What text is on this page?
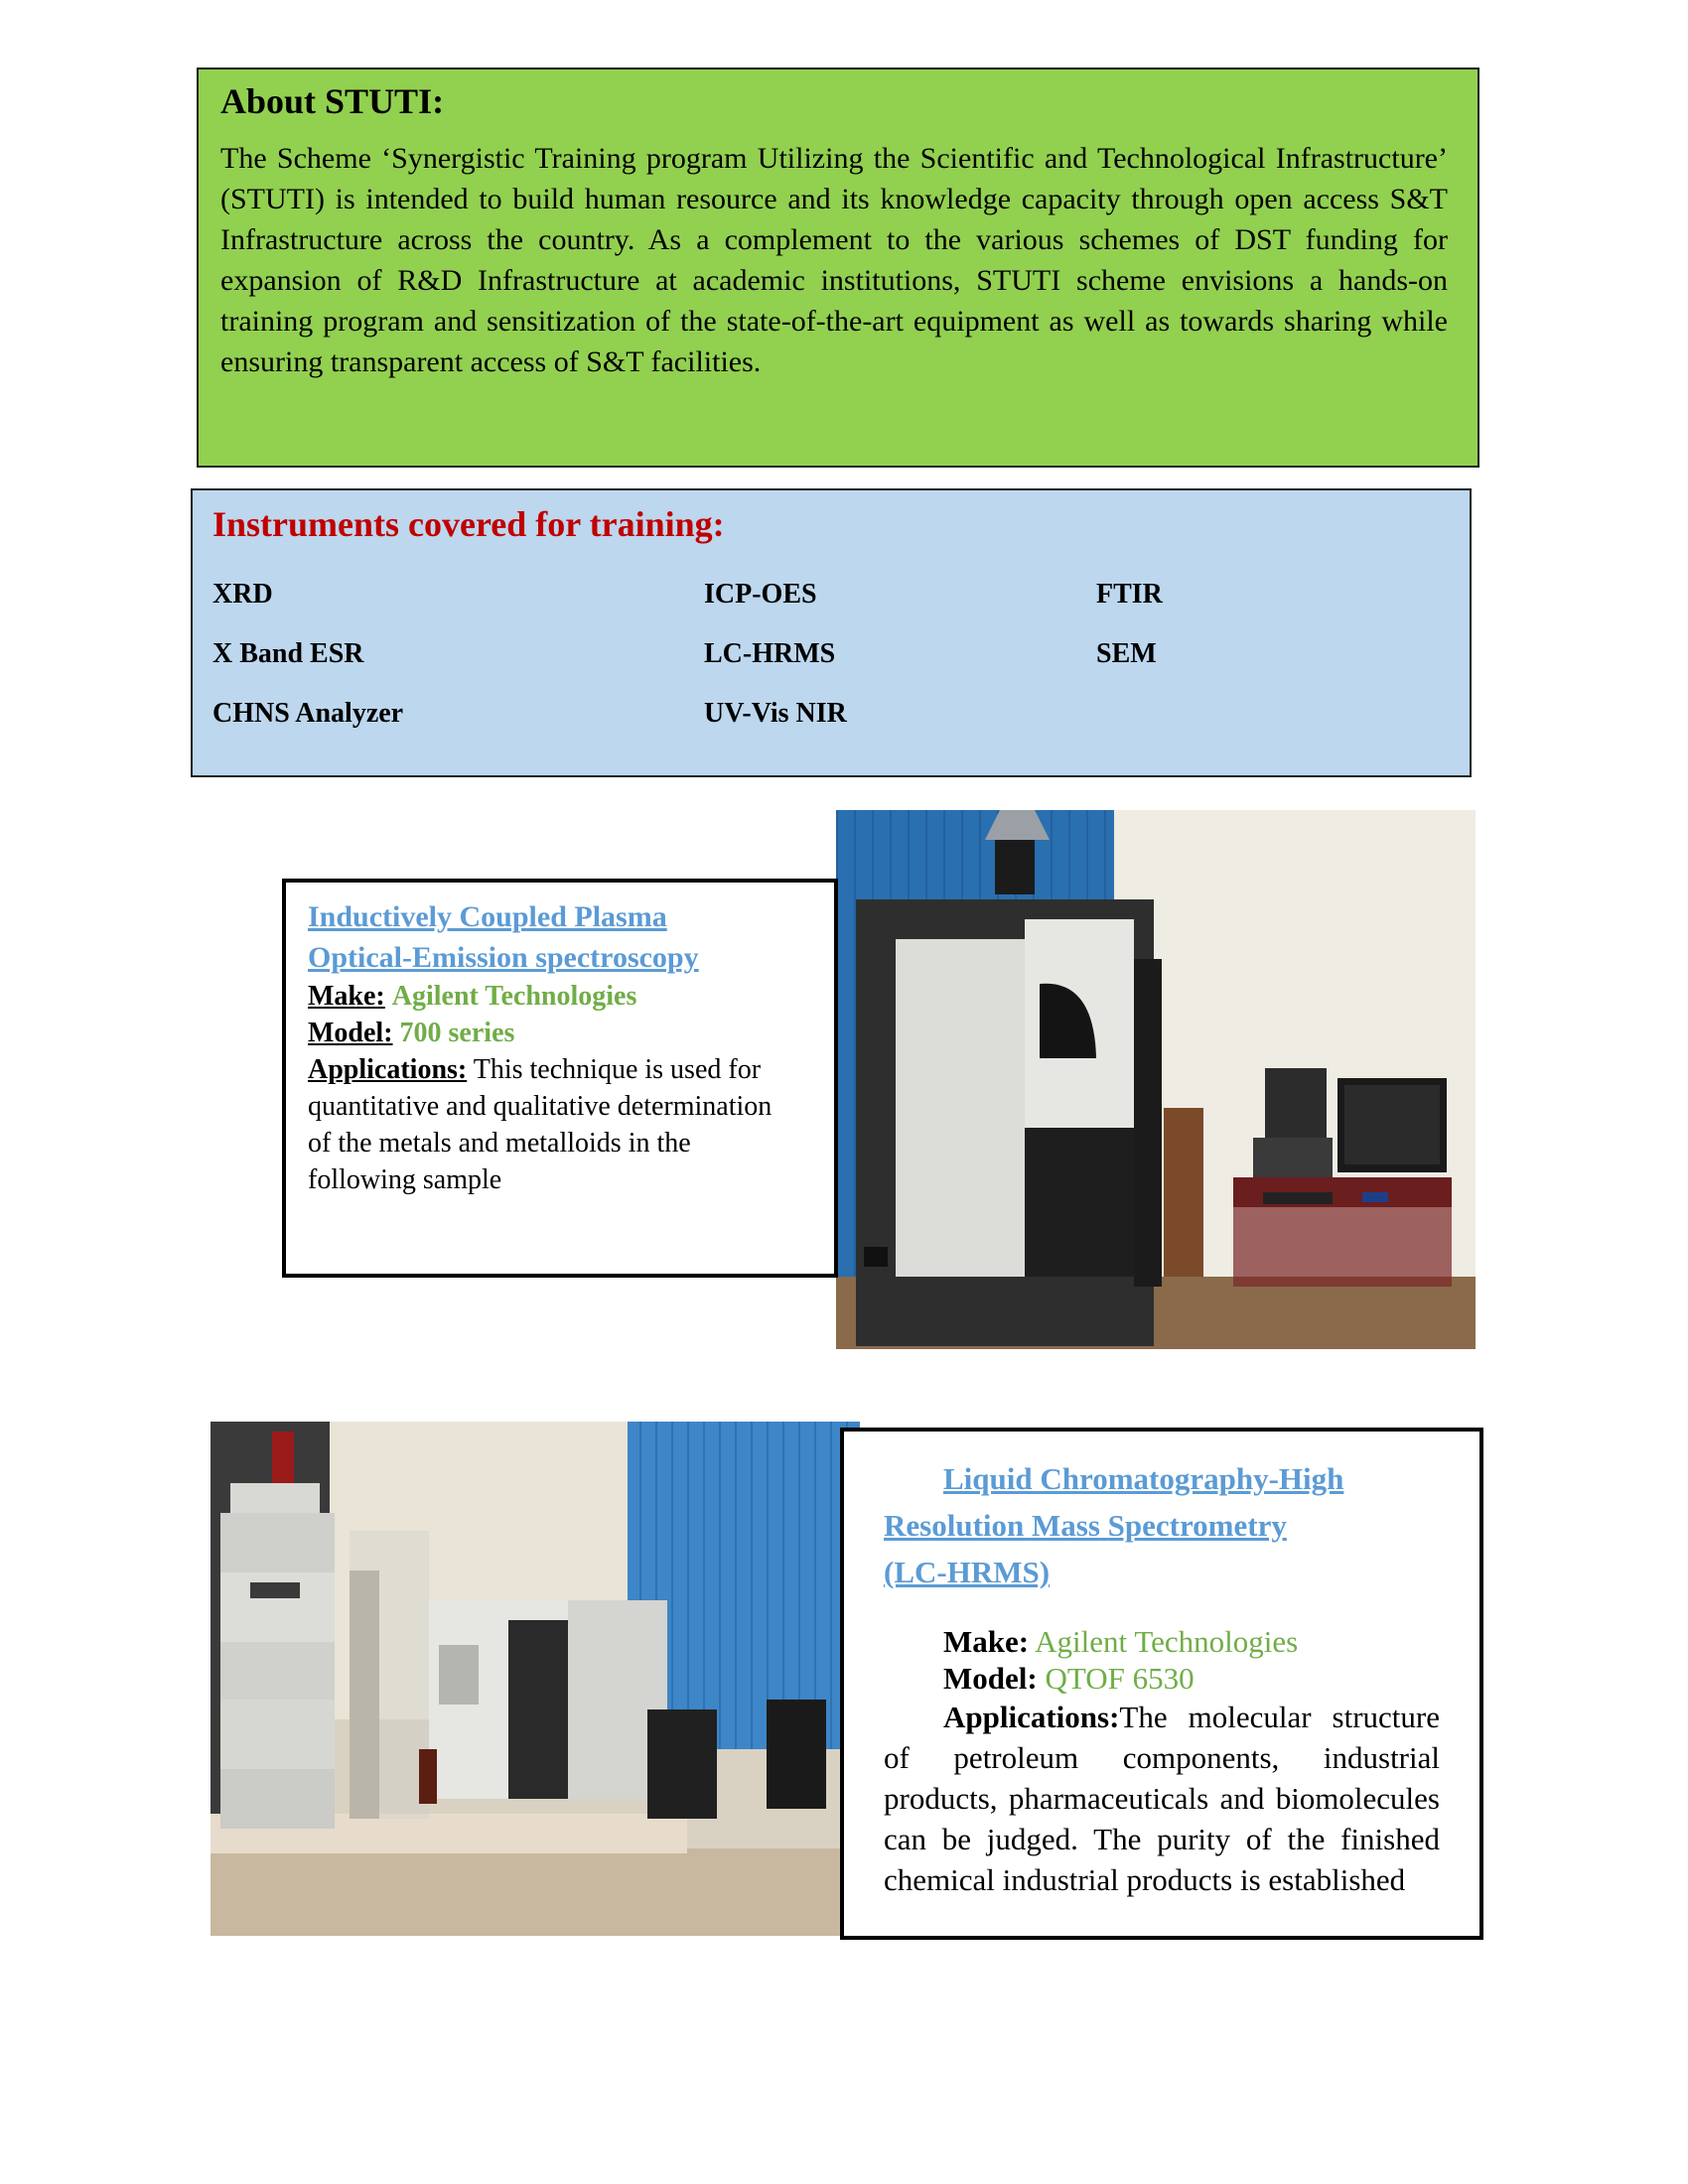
About STUTI:

The Scheme ‘Synergistic Training program Utilizing the Scientific and Technological Infrastructure’ (STUTI) is intended to build human resource and its knowledge capacity through open access S&T Infrastructure across the country. As a complement to the various schemes of DST funding for expansion of R&D Infrastructure at academic institutions, STUTI scheme envisions a hands-on training program and sensitization of the state-of-the-art equipment as well as towards sharing while ensuring transparent access of S&T facilities.

Instruments covered for training:
XRD	ICP-OES	FTIR
X Band ESR	LC-HRMS	SEM
CHNS Analyzer	UV-Vis NIR
Inductively Coupled Plasma
Optical-Emission spectroscopy
Make: Agilent Technologies
Model: 700 series
Applications: This technique is used for
quantitative and qualitative determination
of the metals and metalloids in the
following sample
Liquid Chromatography-High
Resolution Mass Spectrometry
(LC-HRMS)
Make: Agilent Technologies
Model: QTOF 6530
Applications:The molecular structure of petroleum components, industrial products, pharmaceuticals and biomolecules can be judged. The purity of the finished chemical industrial products is established
